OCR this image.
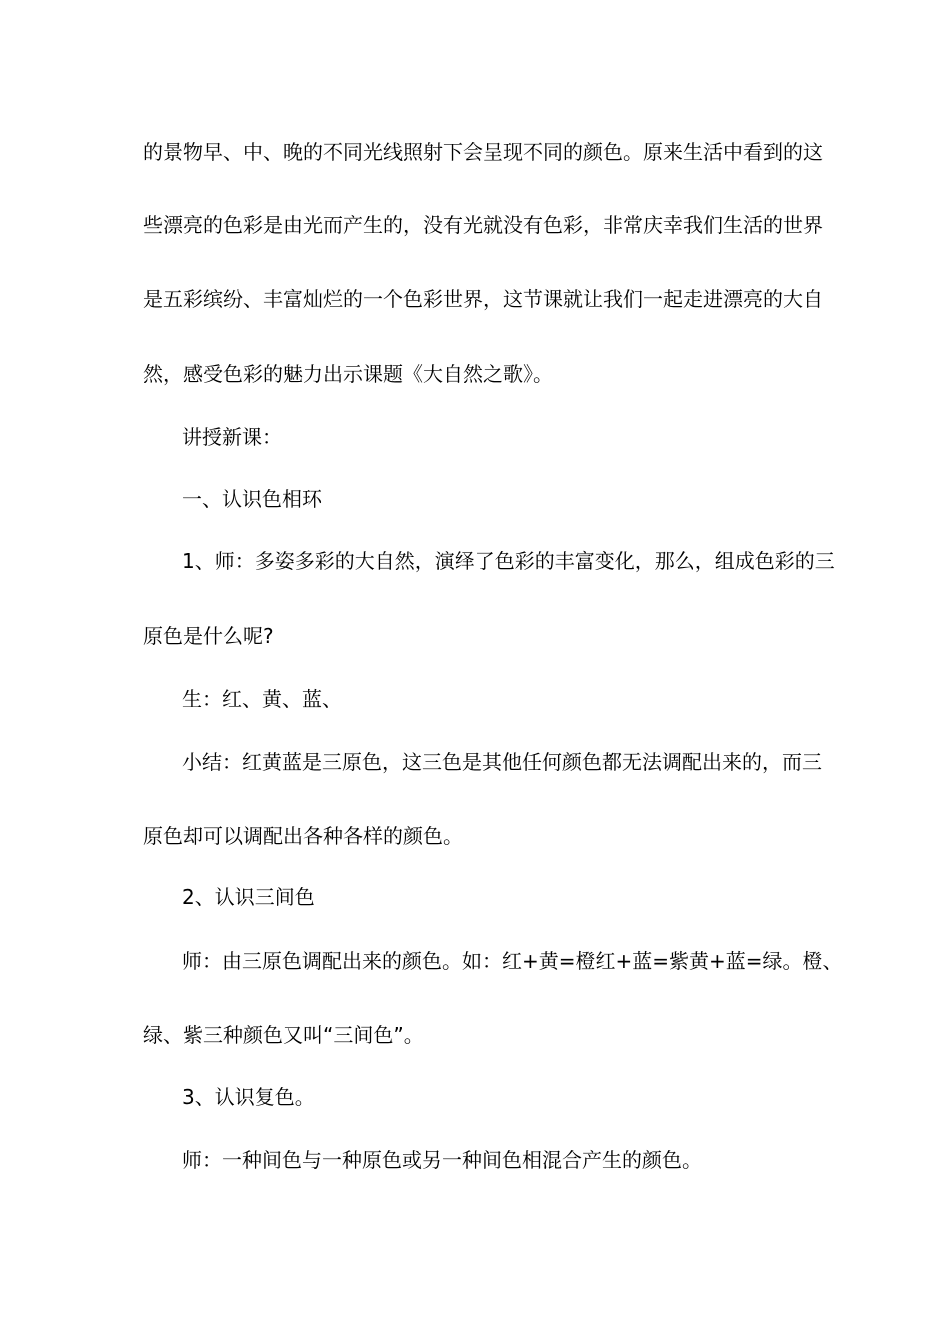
的景物早、中、晚的不同光线照射下会呈现不同的颜色。原来生活中看到的这
些漂亮的色彩是由光而产生的，没有光就没有色彩，非常庆幸我们生活的世界
是五彩缤纷、丰富灿烂的一个色彩世界，这节课就让我们一起走进漂亮的大自
然，感受色彩的魅力出示课题《大自然之歌》。
讲授新课：
一、认识色相环
1、师：多姿多彩的大自然，演绎了色彩的丰富变化，那么，组成色彩的三
原色是什么呢?
生：红、黄、蓝、
小结：红黄蓝是三原色，这三色是其他任何颜色都无法调配出来的，而三
原色却可以调配出各种各样的颜色。
2、认识三间色
师：由三原色调配出来的颜色。如：红+黄=橙红+蓝=紫黄+蓝=绿。橙、
绿、紫三种颜色又叫“三间色”。
3、认识复色。
师：一种间色与一种原色或另一种间色相混合产生的颜色。
